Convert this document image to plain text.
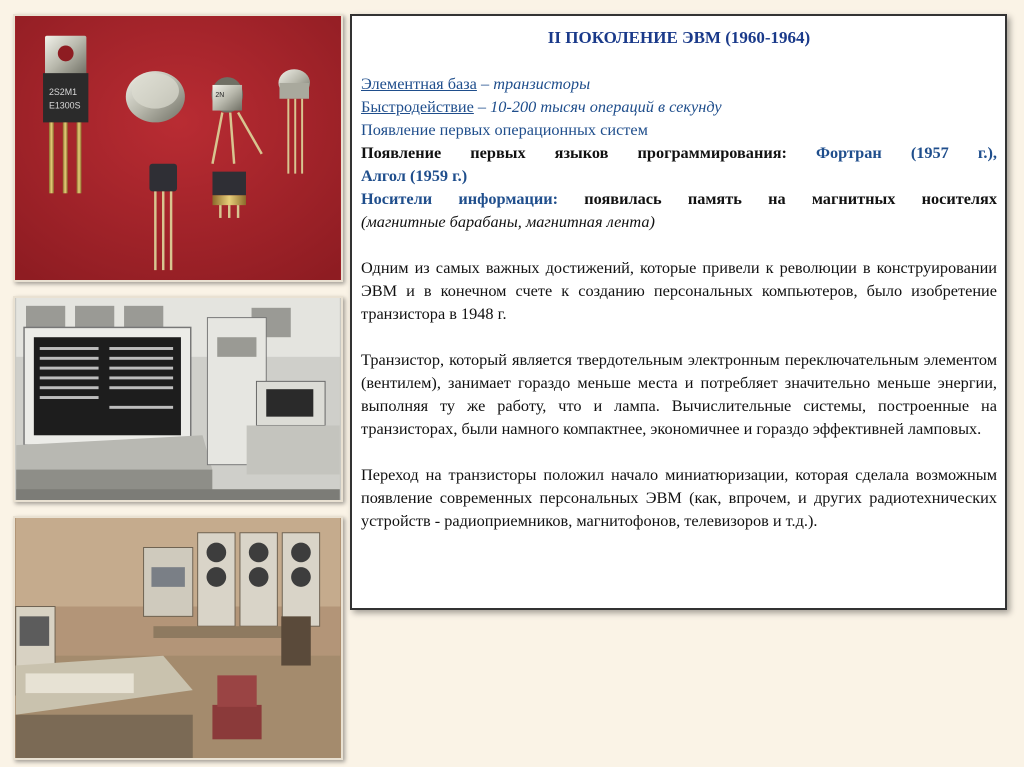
2S2M1
E1300S
2N
II ПОКОЛЕНИЕ ЭВМ (1960-1964)
Элементная база – транзисторы
Быстродействие – 10-200 тысяч операций в секунду
Появление первых операционных систем
Появление первых языков программирования: Фортран (1957 г.),
Алгол (1959 г.)
Носители информации: появилась память на магнитных носителях
(магнитные барабаны, магнитная лента)

Одним из самых важных достижений, которые привели к революции в конструировании ЭВМ и в конечном счете к созданию персональных компьютеров, было изобретение транзистора в 1948 г.

Транзистор, который является твердотельным электронным переключательным элементом (вентилем), занимает гораздо меньше места и потребляет значительно меньше энергии, выполняя ту же работу, что и лампа. Вычислительные системы, построенные на транзисторах, были намного компактнее, экономичнее и гораздо эффективней ламповых.

Переход на транзисторы положил начало миниатюризации, которая сделала возможным появление современных персональных ЭВМ (как, впрочем, и других радиотехнических устройств - радиоприемников, магнитофонов, телевизоров и т.д.).
